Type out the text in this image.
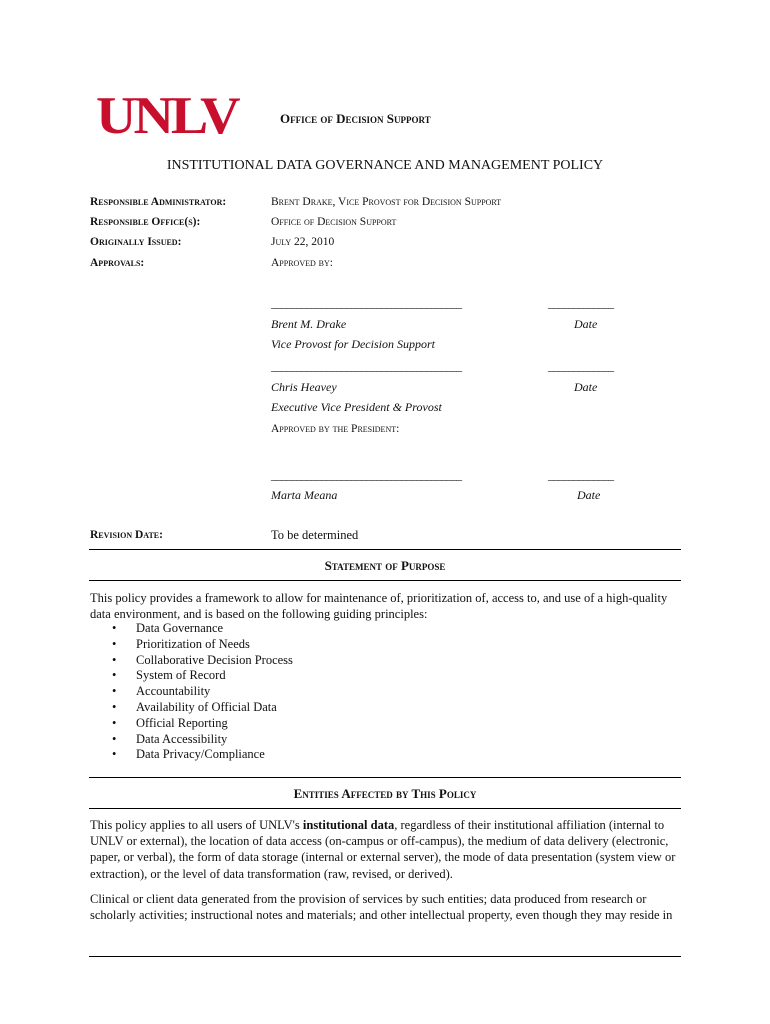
UNLV	Office of Decision Support
INSTITUTIONAL DATA GOVERNANCE AND MANAGEMENT POLICY
Responsible Administrator:	Brent Drake, Vice Provost for Decision Support
Responsible Office(s):	Office of Decision Support
Originally Issued:	July 22, 2010
Approvals:	Approved by:
______________________________________	_____________
Brent M. Drake	Date
Vice Provost for Decision Support
______________________________________	_____________
Chris Heavey	Date
Executive Vice President & Provost
Approved by the President:
______________________________________	_____________
Marta Meana	Date
Revision Date:	To be determined
Statement of Purpose
This policy provides a framework to allow for maintenance of, prioritization of, access to, and use of a high-quality data environment, and is based on the following guiding principles:
• Data Governance
• Prioritization of Needs
• Collaborative Decision Process
• System of Record
• Accountability
• Availability of Official Data
• Official Reporting
• Data Accessibility
• Data Privacy/Compliance
Entities Affected by This Policy
This policy applies to all users of UNLV's institutional data, regardless of their institutional affiliation (internal to UNLV or external), the location of data access (on-campus or off-campus), the medium of data delivery (electronic, paper, or verbal), the form of data storage (internal or external server), the mode of data presentation (system view or extraction), or the level of data transformation (raw, revised, or derived).
Clinical or client data generated from the provision of services by such entities; data produced from research or scholarly activities; instructional notes and materials; and other intellectual property, even though they may reside in
